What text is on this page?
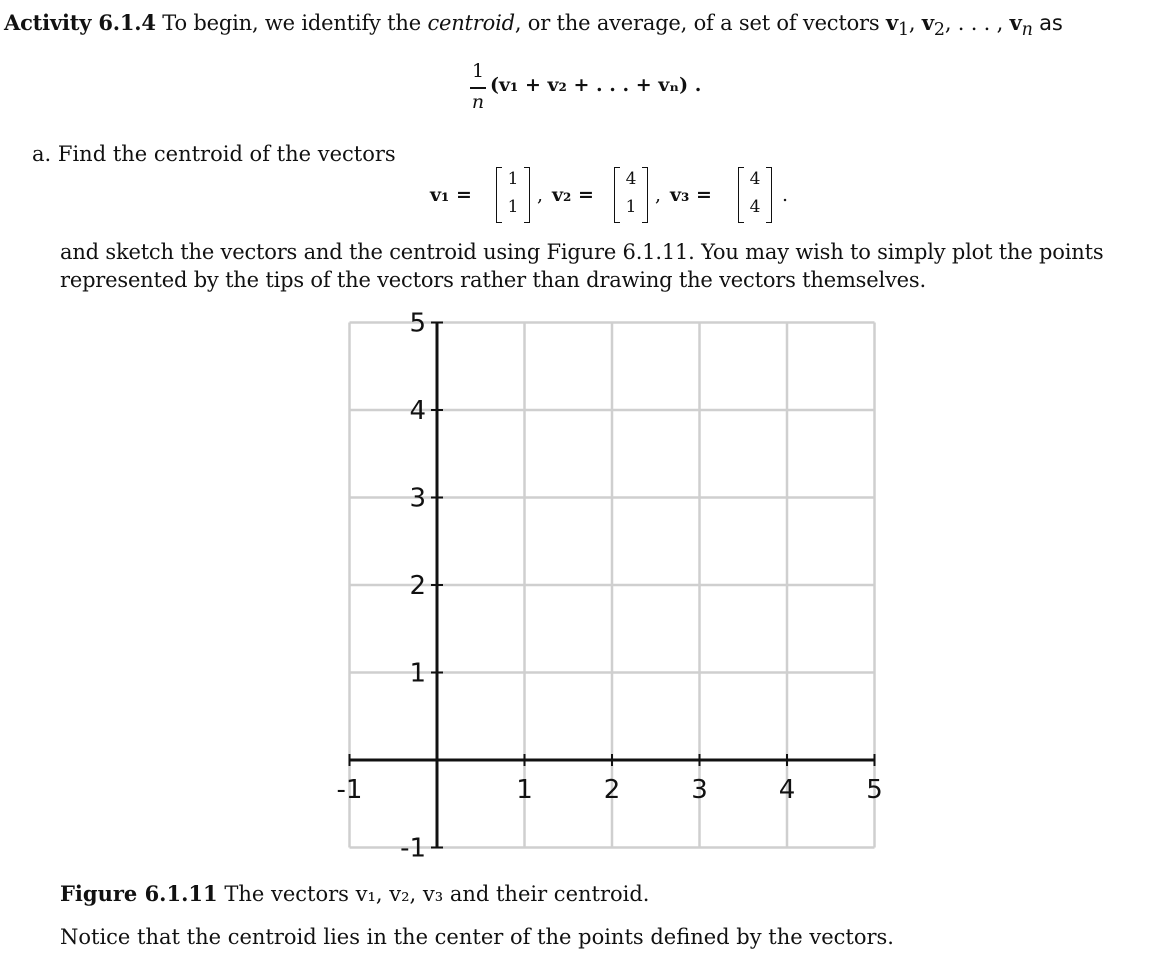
Activity 6.1.4 To begin, we identify the centroid, or the average, of a set of vectors $v_1$, $v_2$, . . . , $v_n$ as
1
n
(v₁ + v₂ + . . . + vₙ) .
a. Find the centroid of the vectors
v₁ =
1
1
, v₂ =
4
1
, v₃ =
4
4
.
and sketch the vectors and the centroid using Figure 6.1.11. You may wish to simply plot the points represented by the tips of the vectors rather than drawing the vectors themselves.
-1	1	2	3	4	5
5
4
3
2
1
-1
Figure 6.1.11 The vectors v₁, v₂, v₃ and their centroid.
Notice that the centroid lies in the center of the points defined by the vectors.
